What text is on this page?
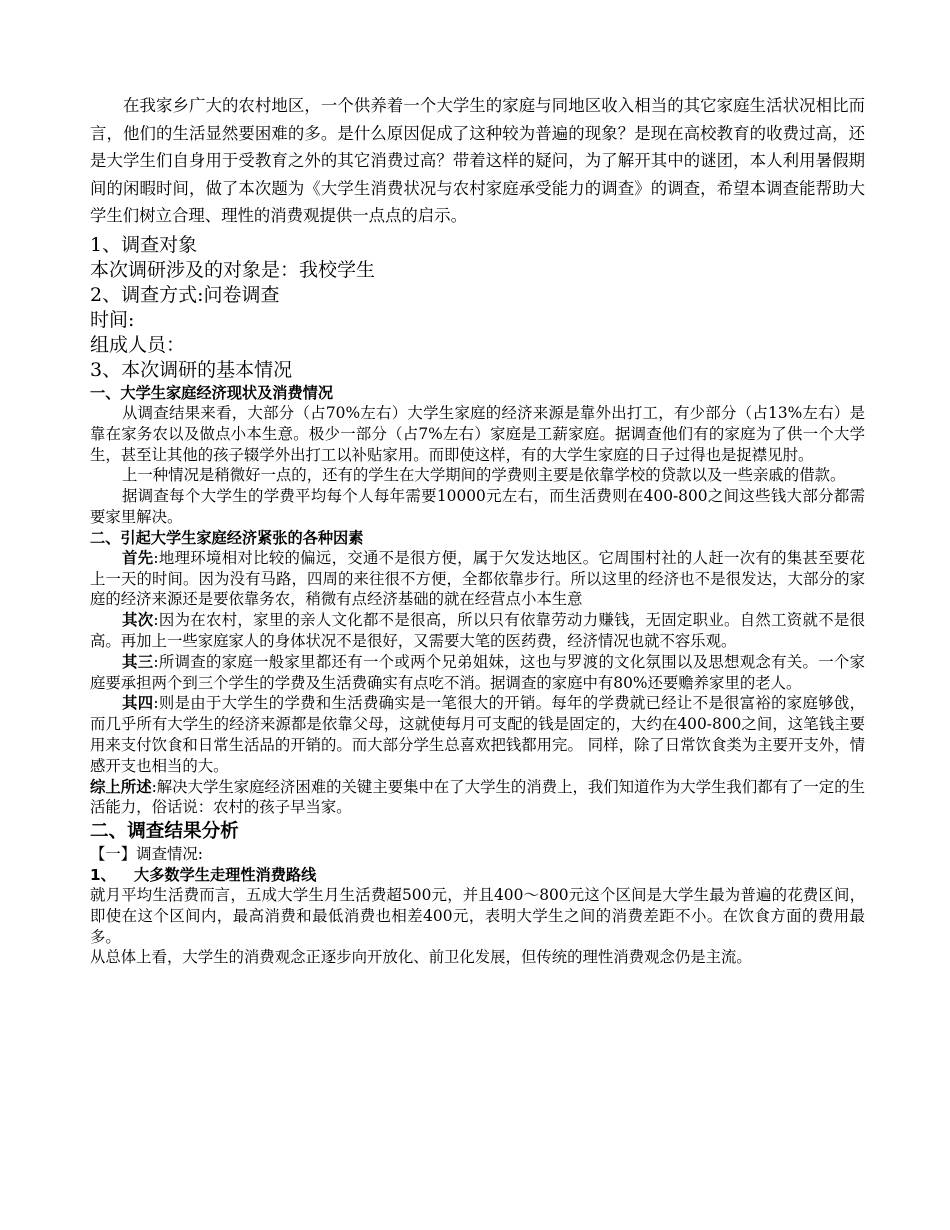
在我家乡广大的农村地区，一个供养着一个大学生的家庭与同地区收入相当的其它家庭生活状况相比而言，他们的生活显然要困难的多。是什么原因促成了这种较为普遍的现象？是现在高校教育的收费过高，还是大学生们自身用于受教育之外的其它消费过高？带着这样的疑问，为了解开其中的谜团，本人利用暑假期间的闲暇时间，做了本次题为《大学生消费状况与农村家庭承受能力的调查》的调查，希望本调查能帮助大学生们树立合理、理性的消费观提供一点点的启示。

1、调查对象

本次调研涉及的对象是：我校学生

2、调查方式:问卷调查

时间:

组成人员：

3、本次调研的基本情况

一、大学生家庭经济现状及消费情况

从调查结果来看，大部分（占70%左右）大学生家庭的经济来源是靠外出打工，有少部分（占13%左右）是靠在家务农以及做点小本生意。极少一部分（占7%左右）家庭是工薪家庭。据调查他们有的家庭为了供一个大学生，甚至让其他的孩子辍学外出打工以补贴家用。而即使这样，有的大学生家庭的日子过得也是捉襟见肘。

上一种情况是稍微好一点的，还有的学生在大学期间的学费则主要是依靠学校的贷款以及一些亲戚的借款。

据调查每个大学生的学费平均每个人每年需要10000元左右，而生活费则在400-800之间这些钱大部分都需要家里解决。

二、引起大学生家庭经济紧张的各种因素

首先:地理环境相对比较的偏远，交通不是很方便，属于欠发达地区。它周围村社的人赶一次有的集甚至要花上一天的时间。因为没有马路，四周的来往很不方便，全都依靠步行。所以这里的经济也不是很发达，大部分的家庭的经济来源还是要依靠务农，稍微有点经济基础的就在经营点小本生意

其次:因为在农村，家里的亲人文化都不是很高，所以只有依靠劳动力赚钱，无固定职业。自然工资就不是很高。再加上一些家庭家人的身体状况不是很好，又需要大笔的医药费，经济情况也就不容乐观。

其三:所调查的家庭一般家里都还有一个或两个兄弟姐妹，这也与罗渡的文化氛围以及思想观念有关。一个家庭要承担两个到三个学生的学费及生活费确实有点吃不消。据调查的家庭中有80%还要赡养家里的老人。

其四:则是由于大学生的学费和生活费确实是一笔很大的开销。每年的学费就已经让不是很富裕的家庭够戗，而几乎所有大学生的经济来源都是依靠父母，这就使每月可支配的钱是固定的，大约在400-800之间，这笔钱主要用来支付饮食和日常生活品的开销的。而大部分学生总喜欢把钱都用完。 同样，除了日常饮食类为主要开支外，情感开支也相当的大。

综上所述:解决大学生家庭经济困难的关键主要集中在了大学生的消费上，我们知道作为大学生我们都有了一定的生活能力，俗话说：农村的孩子早当家。

二、调查结果分析

【一】调查情况:

1、 大多数学生走理性消费路线

就月平均生活费而言，五成大学生月生活费超500元，并且400～800元这个区间是大学生最为普遍的花费区间，即使在这个区间内，最高消费和最低消费也相差400元，表明大学生之间的消费差距不小。在饮食方面的费用最多。

从总体上看，大学生的消费观念正逐步向开放化、前卫化发展，但传统的理性消费观念仍是主流。
